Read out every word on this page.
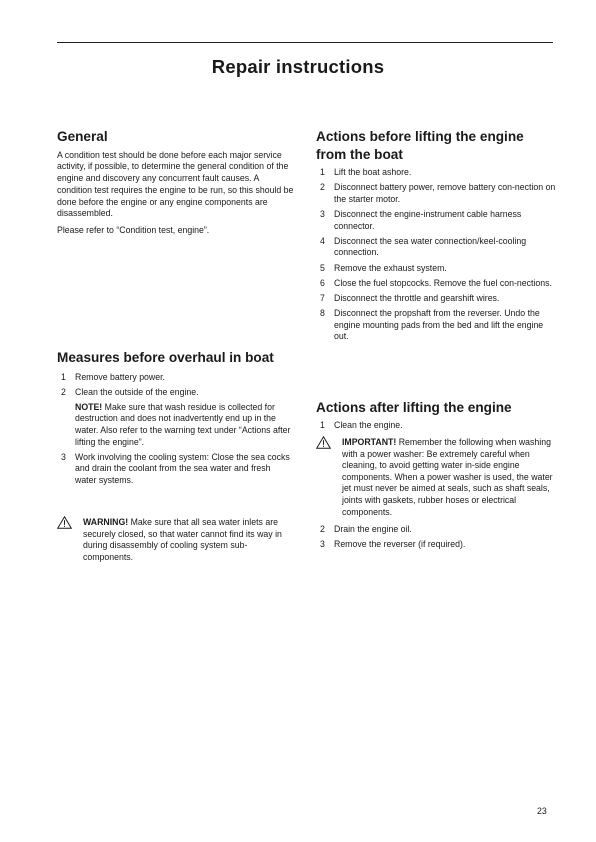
Repair instructions
General

A condition test should be done before each major service activity, if possible, to determine the general condition of the engine and discovery any concurrent fault causes. A condition test requires the engine to be run, so this should be done before the engine or any engine components are disassembled.

Please refer to “Condition test, engine”.

Measures before overhaul in boat
1 Remove battery power.
2 Clean the outside of the engine.
NOTE! Make sure that wash residue is collected for destruction and does not inadvertently end up in the water. Also refer to the warning text under “Actions after lifting the engine”.
3 Work involving the cooling system: Close the sea cocks and drain the coolant from the sea water and fresh water systems.
WARNING! Make sure that all sea water inlets are securely closed, so that water cannot find its way in during disassembly of cooling system sub-components.
Actions before lifting the engine from the boat
1 Lift the boat ashore.
2 Disconnect battery power, remove battery con-nection on the starter motor.
3 Disconnect the engine-instrument cable harness connector.
4 Disconnect the sea water connection/keel-cooling connection.
5 Remove the exhaust system.
6 Close the fuel stopcocks. Remove the fuel con-nections.
7 Disconnect the throttle and gearshift wires.
8 Disconnect the propshaft from the reverser. Undo the engine mounting pads from the bed and lift the engine out.
Actions after lifting the engine
1 Clean the engine.
IMPORTANT! Remember the following when washing with a power washer: Be extremely careful when cleaning, to avoid getting water in-side engine components. When a power washer is used, the water jet must never be aimed at seals, such as shaft seals, joints with gaskets, rubber hoses or electrical components.
2 Drain the engine oil.
3 Remove the reverser (if required).
23
